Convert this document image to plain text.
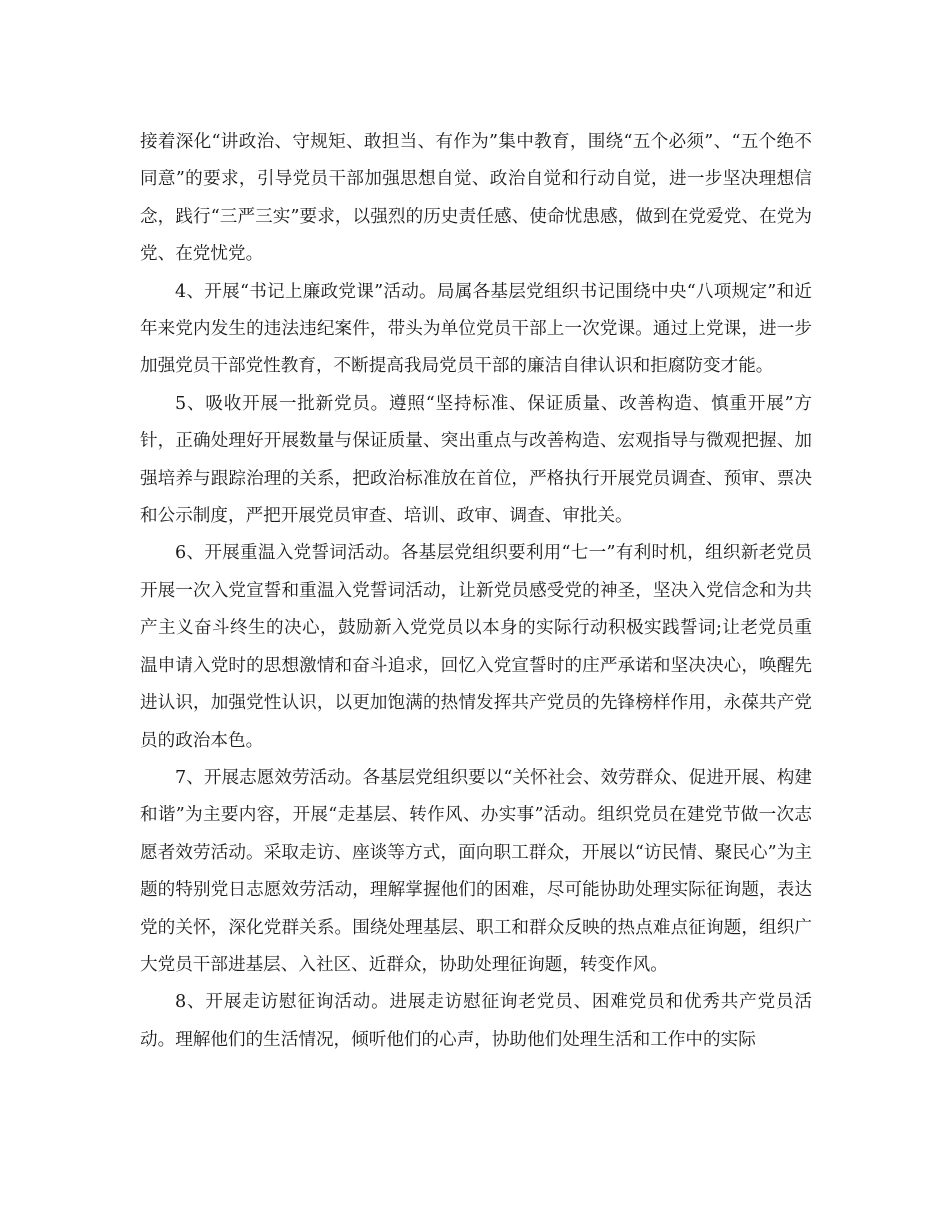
接着深化“讲政治、守规矩、敢担当、有作为”集中教育，围绕“五个必须”、“五个绝不同意”的要求，引导党员干部加强思想自觉、政治自觉和行动自觉，进一步坚决理想信念，践行“三严三实”要求，以强烈的历史责任感、使命忧患感，做到在党爱党、在党为党、在党忧党。

4、开展“书记上廉政党课”活动。局属各基层党组织书记围绕中央“八项规定”和近年来党内发生的违法违纪案件，带头为单位党员干部上一次党课。通过上党课，进一步加强党员干部党性教育，不断提高我局党员干部的廉洁自律认识和拒腐防变才能。

5、吸收开展一批新党员。遵照“坚持标准、保证质量、改善构造、慎重开展”方针，正确处理好开展数量与保证质量、突出重点与改善构造、宏观指导与微观把握、加强培养与跟踪治理的关系，把政治标准放在首位，严格执行开展党员调查、预审、票决和公示制度，严把开展党员审查、培训、政审、调查、审批关。

6、开展重温入党誓词活动。各基层党组织要利用“七一”有利时机，组织新老党员开展一次入党宣誓和重温入党誓词活动，让新党员感受党的神圣，坚决入党信念和为共产主义奋斗终生的决心，鼓励新入党党员以本身的实际行动积极实践誓词;让老党员重温申请入党时的思想激情和奋斗追求，回忆入党宣誓时的庄严承诺和坚决决心，唤醒先进认识，加强党性认识，以更加饱满的热情发挥共产党员的先锋榜样作用，永葆共产党员的政治本色。

7、开展志愿效劳活动。各基层党组织要以“关怀社会、效劳群众、促进开展、构建和谐”为主要内容，开展“走基层、转作风、办实事”活动。组织党员在建党节做一次志愿者效劳活动。采取走访、座谈等方式，面向职工群众，开展以“访民情、聚民心”为主题的特别党日志愿效劳活动，理解掌握他们的困难，尽可能协助处理实际征询题，表达党的关怀，深化党群关系。围绕处理基层、职工和群众反映的热点难点征询题，组织广大党员干部进基层、入社区、近群众，协助处理征询题，转变作风。

8、开展走访慰征询活动。进展走访慰征询老党员、困难党员和优秀共产党员活动。理解他们的生活情况，倾听他们的心声，协助他们处理生活和工作中的实际
